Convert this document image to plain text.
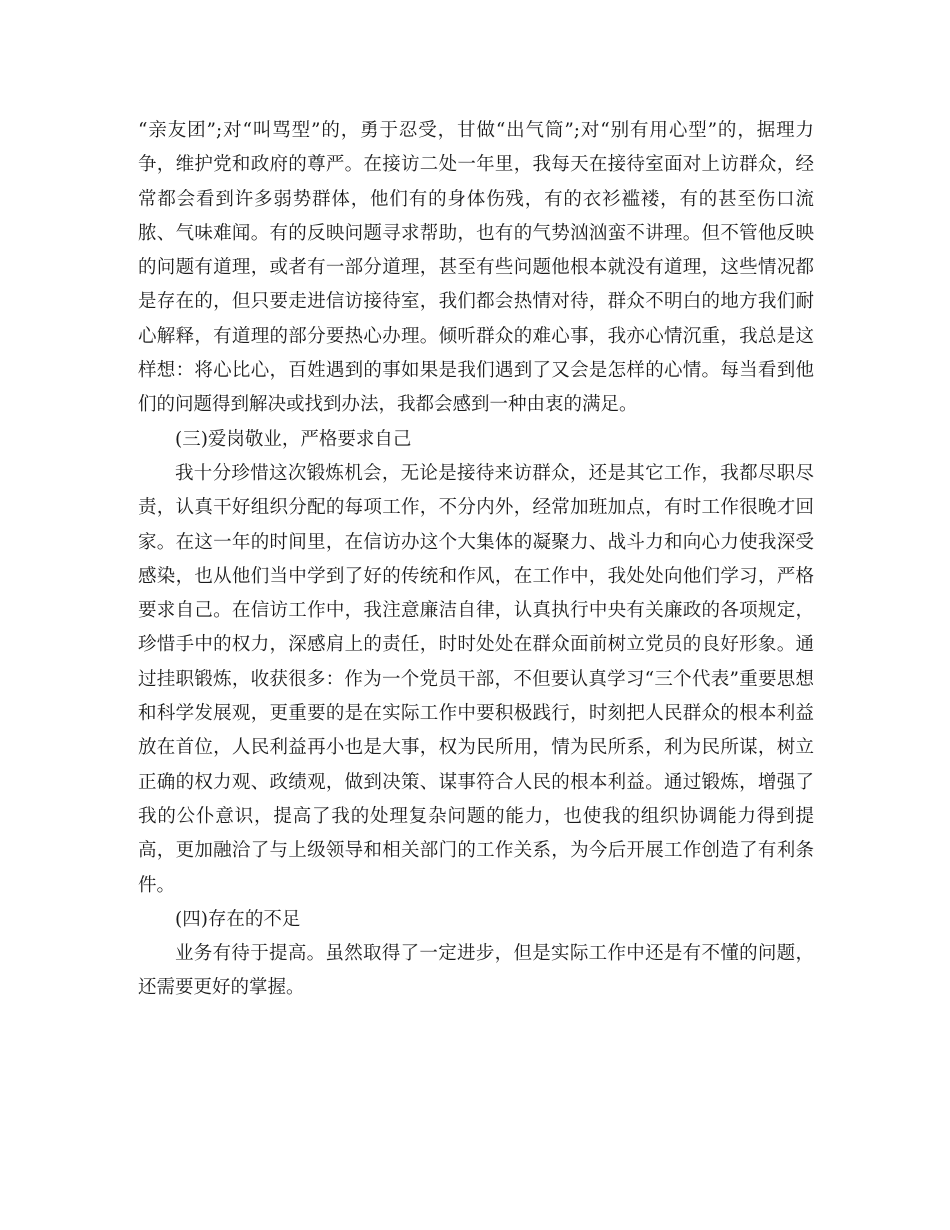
“亲友团”;对“叫骂型”的，勇于忍受，甘做“出气筒”;对“别有用心型”的，据理力争，维护党和政府的尊严。在接访二处一年里，我每天在接待室面对上访群众，经常都会看到许多弱势群体，他们有的身体伤残，有的衣衫褴褛，有的甚至伤口流脓、气味难闻。有的反映问题寻求帮助，也有的气势汹汹蛮不讲理。但不管他反映的问题有道理，或者有一部分道理，甚至有些问题他根本就没有道理，这些情况都是存在的，但只要走进信访接待室，我们都会热情对待，群众不明白的地方我们耐心解释，有道理的部分要热心办理。倾听群众的难心事，我亦心情沉重，我总是这样想：将心比心，百姓遇到的事如果是我们遇到了又会是怎样的心情。每当看到他们的问题得到解决或找到办法，我都会感到一种由衷的满足。

(三)爱岗敬业，严格要求自己

我十分珍惜这次锻炼机会，无论是接待来访群众，还是其它工作，我都尽职尽责，认真干好组织分配的每项工作，不分内外，经常加班加点，有时工作很晚才回家。在这一年的时间里，在信访办这个大集体的凝聚力、战斗力和向心力使我深受感染，也从他们当中学到了好的传统和作风，在工作中，我处处向他们学习，严格要求自己。在信访工作中，我注意廉洁自律，认真执行中央有关廉政的各项规定，珍惜手中的权力，深感肩上的责任，时时处处在群众面前树立党员的良好形象。通过挂职锻炼，收获很多：作为一个党员干部，不但要认真学习“三个代表”重要思想和科学发展观，更重要的是在实际工作中要积极践行，时刻把人民群众的根本利益放在首位，人民利益再小也是大事，权为民所用，情为民所系，利为民所谋，树立正确的权力观、政绩观，做到决策、谋事符合人民的根本利益。通过锻炼，增强了我的公仆意识，提高了我的处理复杂问题的能力，也使我的组织协调能力得到提高，更加融洽了与上级领导和相关部门的工作关系，为今后开展工作创造了有利条件。

(四)存在的不足

业务有待于提高。虽然取得了一定进步，但是实际工作中还是有不懂的问题，还需要更好的掌握。
